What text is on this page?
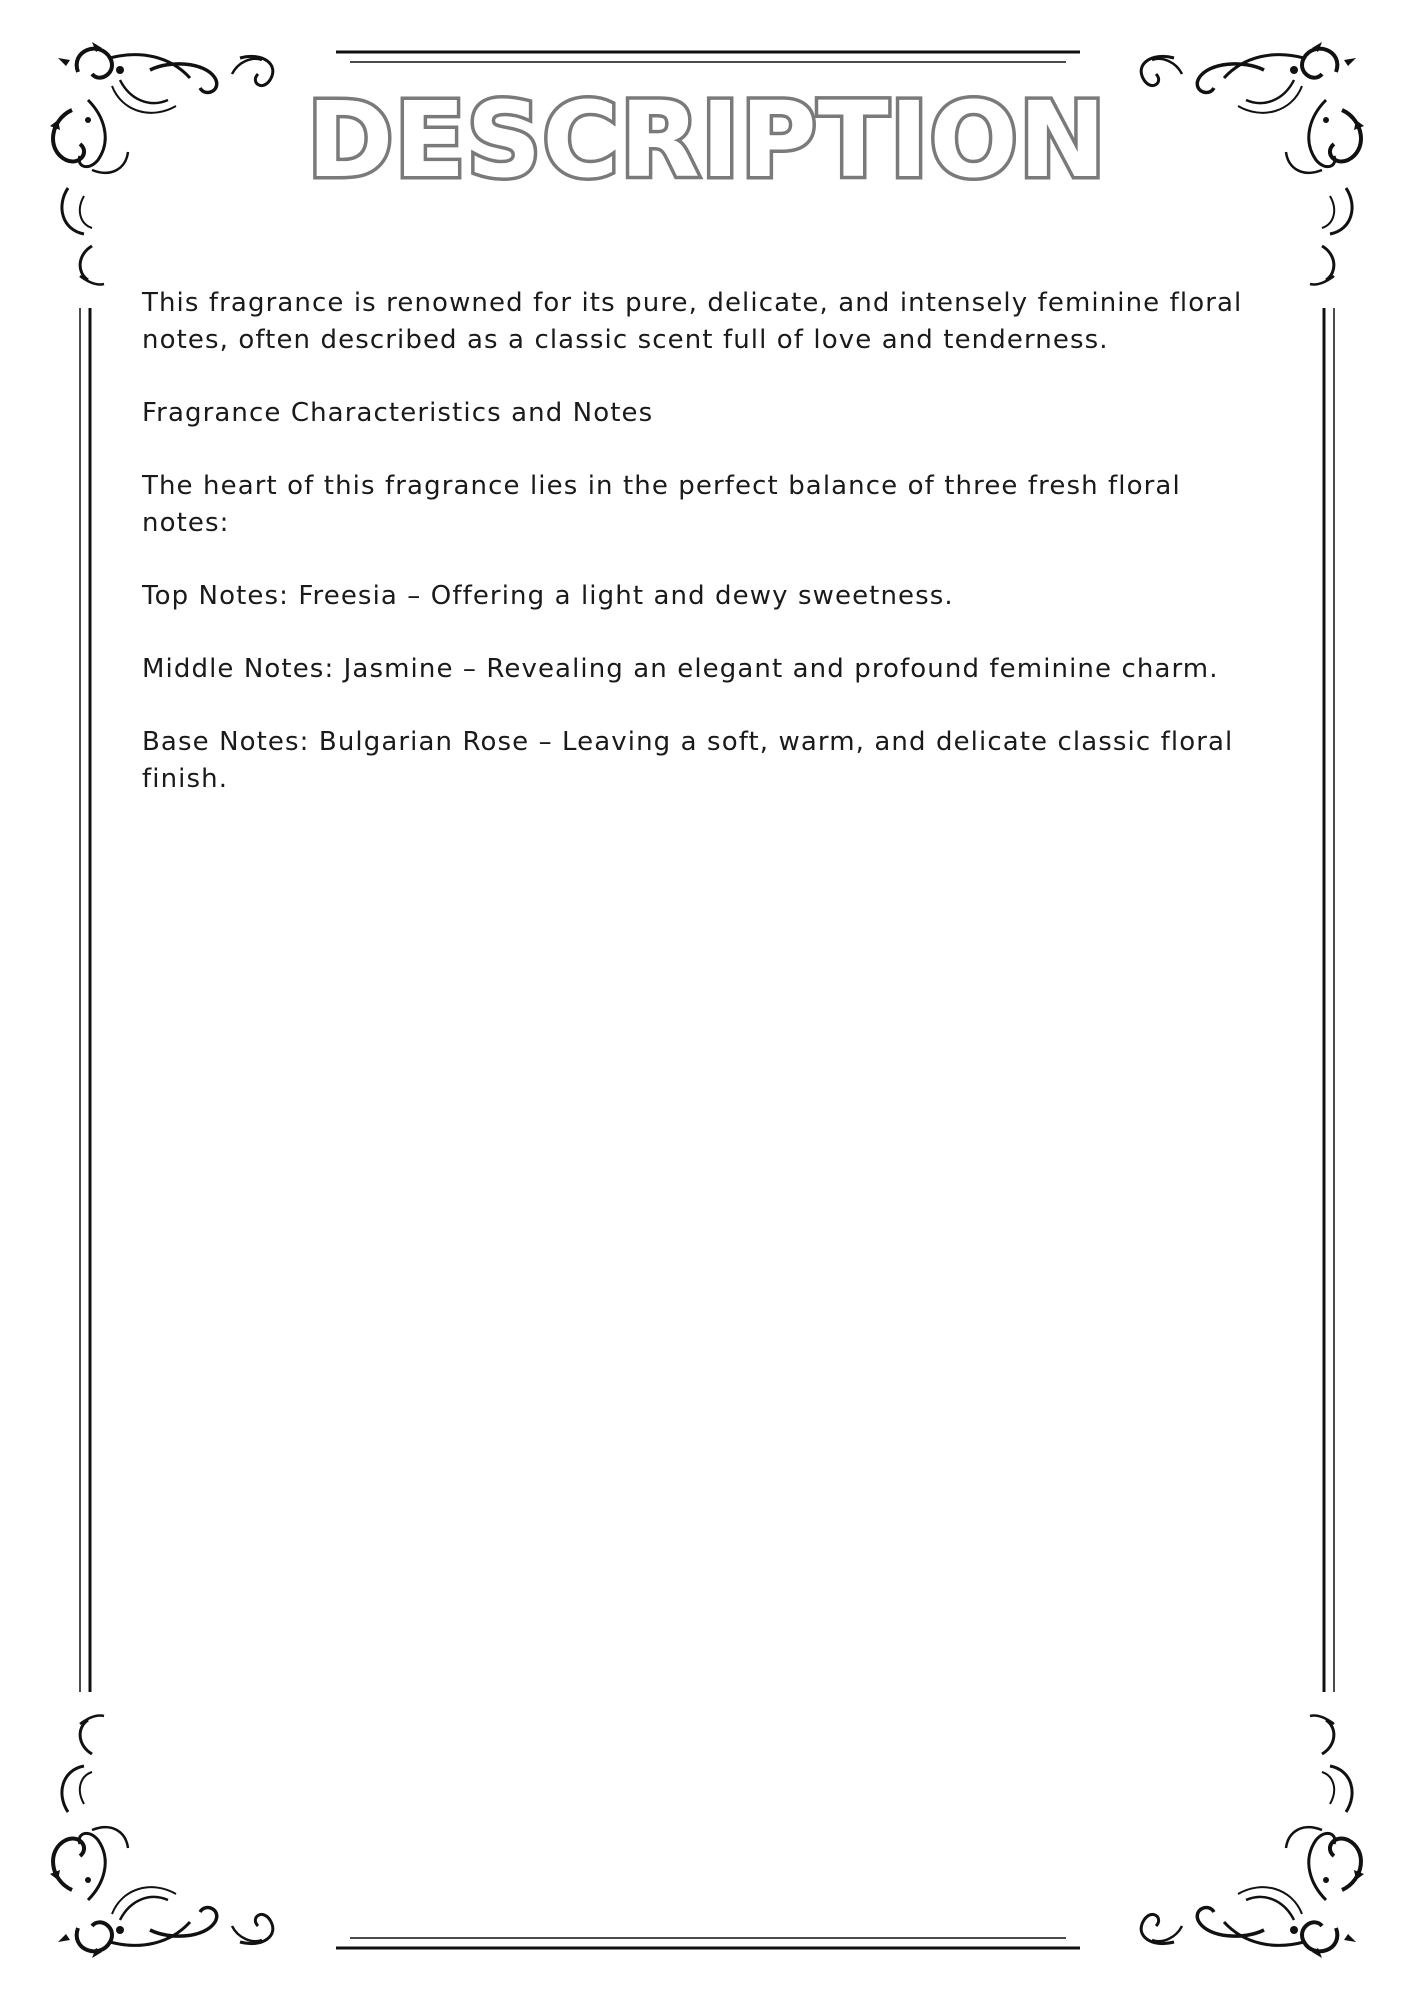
DESCRIPTION

This fragrance is renowned for its pure, delicate, and intensely feminine floral notes, often described as a classic scent full of love and tenderness.

Fragrance Characteristics and Notes

The heart of this fragrance lies in the perfect balance of three fresh floral notes:

Top Notes: Freesia – Offering a light and dewy sweetness.

Middle Notes: Jasmine – Revealing an elegant and profound feminine charm.

Base Notes: Bulgarian Rose – Leaving a soft, warm, and delicate classic floral finish.
